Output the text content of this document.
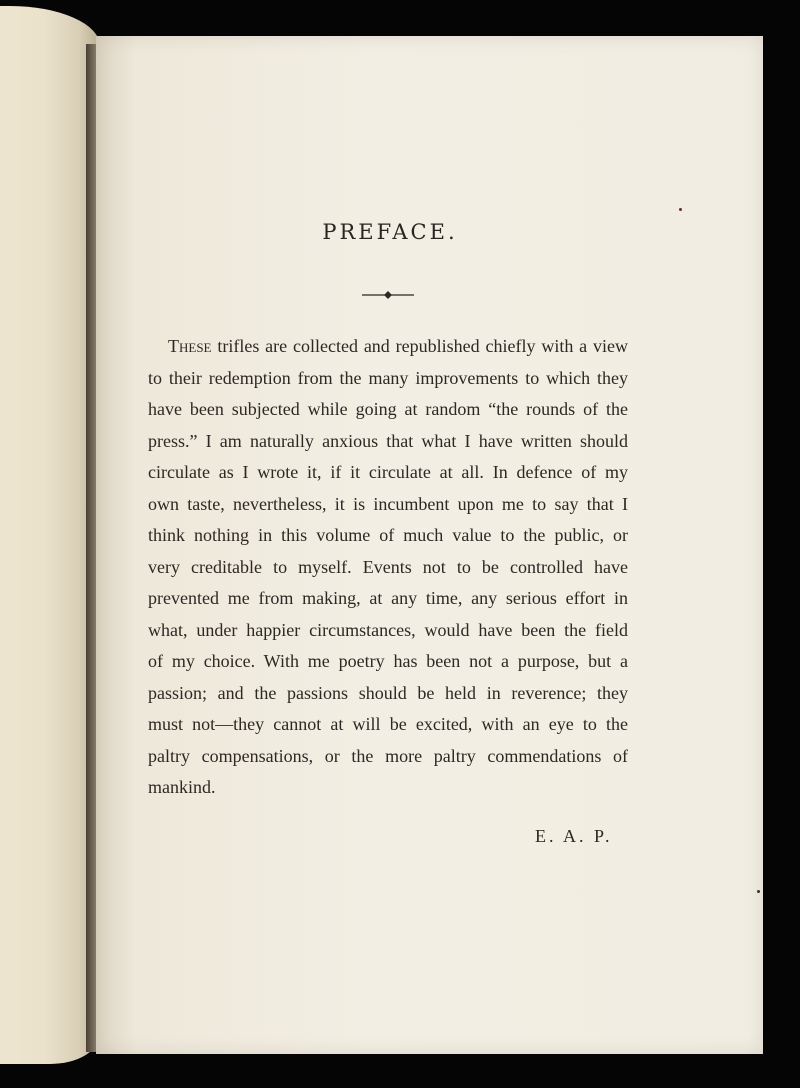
PREFACE.
These trifles are collected and republished chiefly with a view
to their redemption from the many improvements to which they
have been subjected while going at random “the rounds of the
press.” I am naturally anxious that what I have written should
circulate as I wrote it, if it circulate at all. In defence of my
own taste, nevertheless, it is incumbent upon me to say that I
think nothing in this volume of much value to the public, or
very creditable to myself. Events not to be controlled have
prevented me from making, at any time, any serious effort in
what, under happier circumstances, would have been the field
of my choice. With me poetry has been not a purpose, but a
passion; and the passions should be held in reverence; they
must not—they cannot at will be excited, with an eye to the
paltry compensations, or the more paltry commendations of
mankind.
E. A. P.
